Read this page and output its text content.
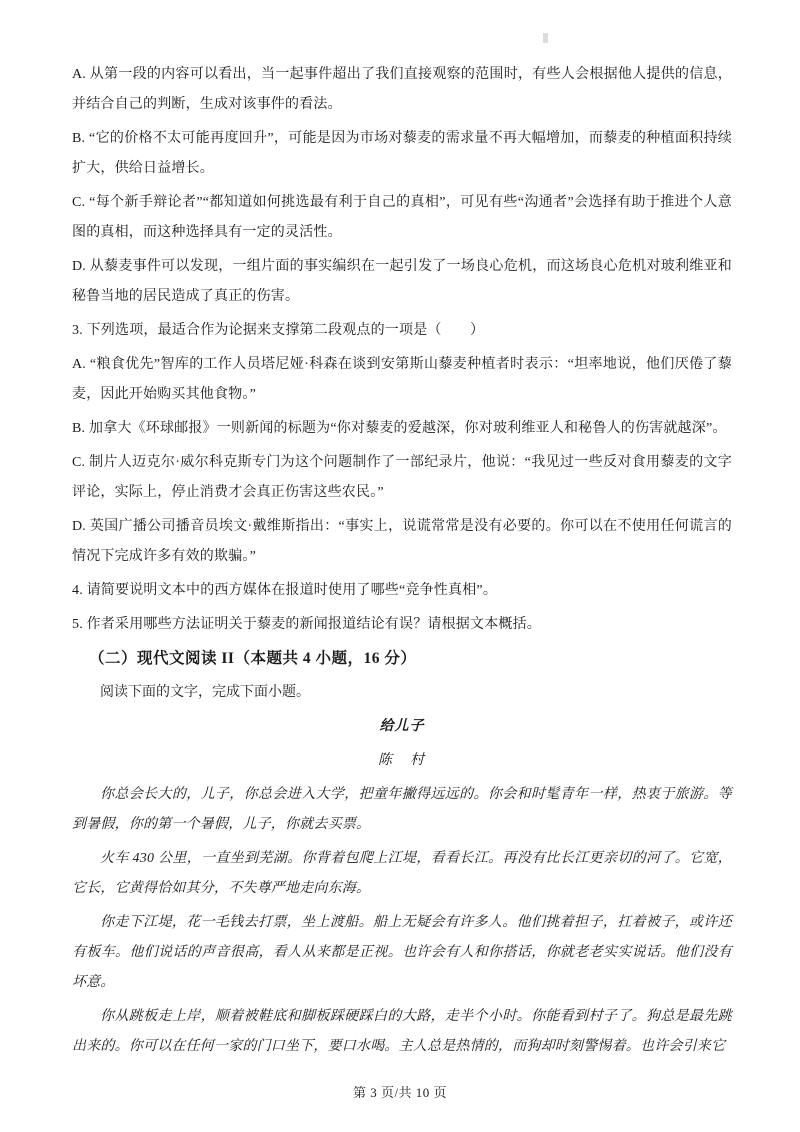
A. 从第一段的内容可以看出，当一起事件超出了我们直接观察的范围时，有些人会根据他人提供的信息，并结合自己的判断，生成对该事件的看法。

B. “它的价格不太可能再度回升”，可能是因为市场对藜麦的需求量不再大幅增加，而藜麦的种植面积持续扩大，供给日益增长。

C. “每个新手辩论者”“都知道如何挑选最有利于自己的真相”，可见有些“沟通者”会选择有助于推进个人意图的真相，而这种选择具有一定的灵活性。

D. 从藜麦事件可以发现，一组片面的事实编织在一起引发了一场良心危机，而这场良心危机对玻利维亚和秘鲁当地的居民造成了真正的伤害。

3. 下列选项，最适合作为论据来支撑第二段观点的一项是（　　）

A. “粮食优先”智库的工作人员塔尼娅·科森在谈到安第斯山藜麦种植者时表示：“坦率地说，他们厌倦了藜麦，因此开始购买其他食物。”

B. 加拿大《环球邮报》一则新闻的标题为“你对藜麦的爱越深，你对玻利维亚人和秘鲁人的伤害就越深”。

C. 制片人迈克尔·威尔科克斯专门为这个问题制作了一部纪录片，他说：“我见过一些反对食用藜麦的文字评论，实际上，停止消费才会真正伤害这些农民。”

D. 英国广播公司播音员埃文·戴维斯指出：“事实上，说谎常常是没有必要的。你可以在不使用任何谎言的情况下完成许多有效的欺骗。”

4. 请简要说明文本中的西方媒体在报道时使用了哪些“竞争性真相”。

5. 作者采用哪些方法证明关于藜麦的新闻报道结论有误？请根据文本概括。

（二）现代文阅读 II（本题共 4 小题，16 分）

阅读下面的文字，完成下面小题。

给儿子

陈　村

你总会长大的，儿子，你总会进入大学，把童年撇得远远的。你会和时髦青年一样，热衷于旅游。等到暑假，你的第一个暑假，儿子，你就去买票。

火车 430 公里，一直坐到芜湖。你背着包爬上江堤，看看长江。再没有比长江更亲切的河了。它宽，它长，它黄得恰如其分，不失尊严地走向东海。

你走下江堤，花一毛钱去打票，坐上渡船。船上无疑会有许多人。他们挑着担子，扛着被子，或许还有板车。他们说话的声音很高，看人从来都是正视。也许会有人和你搭话，你就老老实实说话。他们没有坏意。

你从跳板走上岸，顺着被鞋底和脚板踩硬踩白的大路，走半个小时。你能看到村子了。狗总是最先跳出来的。你可以在任何一家的门口坐下，要口水喝。主人总是热情的，而狗却时刻警惕着。也许会引来它

第 3 页/共 10 页
